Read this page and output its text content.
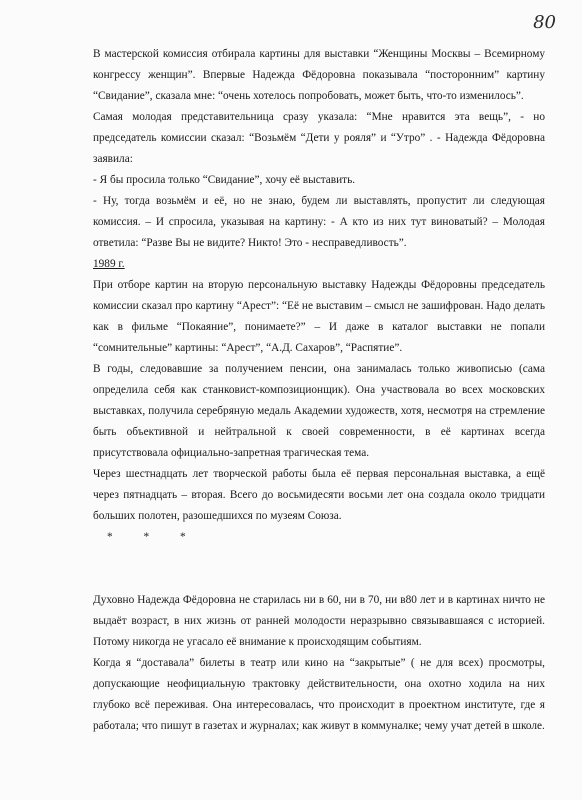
80

В мастерской комиссия отбирала картины для выставки “Женщины Москвы – Всемирному конгрессу женщин”. Впервые Надежда Фёдоровна показывала “посторонним” картину “Свидание”, сказала мне: “очень хотелось попробовать, может быть, что-то изменилось”.

Самая молодая представительница сразу указала: “Мне нравится эта вещь”, - но председатель комиссии сказал: “Возьмём “Дети у рояля” и “Утро” . - Надежда Фёдоровна заявила:

- Я бы просила только “Свидание”, хочу её выставить.

- Ну, тогда возьмём и её, но не знаю, будем ли выставлять, пропустит ли следующая комиссия. – И спросила, указывая на картину: - А кто из них тут виноватый? – Молодая ответила: “Разве Вы не видите? Никто! Это - несправедливость”.

1989 г.

При отборе картин на вторую персональную выставку Надежды Фёдоровны председатель комиссии сказал про картину “Арест”: “Её не выставим – смысл не зашифрован. Надо делать как в фильме “Покаяние”, понимаете?” – И даже в каталог выставки не попали “сомнительные” картины: “Арест”, “А.Д. Сахаров”, “Распятие”.

В годы, следовавшие за получением пенсии, она занималась только живописью (сама определила себя как станковист-композиционщик). Она участвовала во всех московских выставках, получила серебряную медаль Академии художеств, хотя, несмотря на стремление быть объективной и нейтральной к своей современности, в её картинах всегда присутствовала официально-запретная трагическая тема.

Через шестнадцать лет творческой работы была её первая персональная выставка, а ещё через пятнадцать – вторая. Всего до восьмидесяти восьми лет она создала около тридцати больших полотен, разошедшихся по музеям Союза.

* * *

Духовно Надежда Фёдоровна не старилась ни в 60, ни в 70, ни в80 лет и в картинах ничто не выдаёт возраст, в них жизнь от ранней молодости неразрывно связывавшаяся с историей. Потому никогда не угасало её внимание к происходящим событиям.

Когда я “доставала” билеты в театр или кино на “закрытые” ( не для всех) просмотры, допускающие неофициальную трактовку действительности, она охотно ходила на них глубоко всё переживая. Она интересовалась, что происходит в проектном институте, где я работала; что пишут в газетах и журналах; как живут в коммуналке; чему учат детей в школе.
